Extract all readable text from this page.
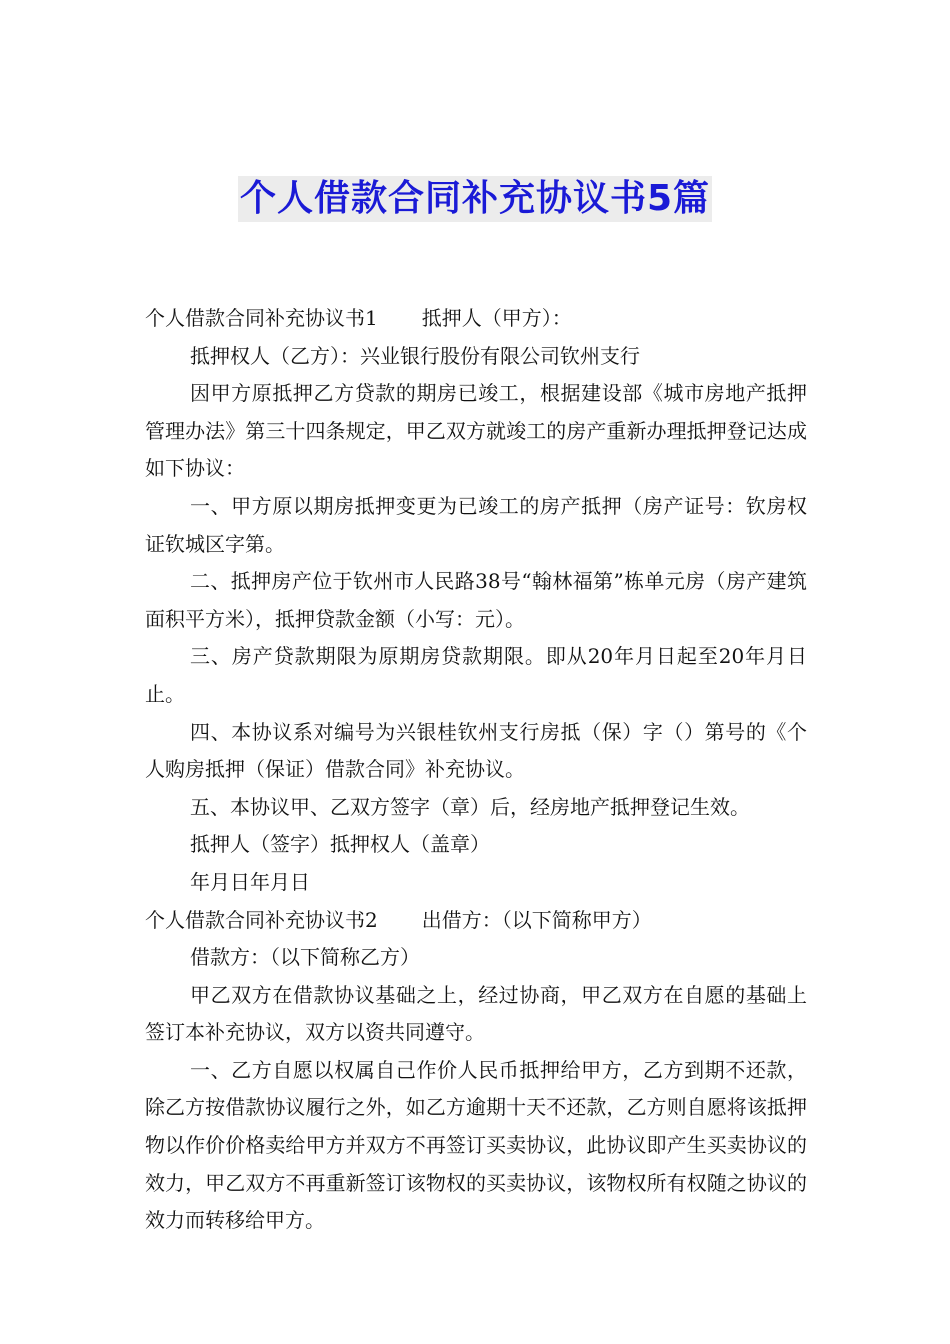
个人借款合同补充协议书5篇

个人借款合同补充协议书1 抵押人（甲方）：

抵押权人（乙方）：兴业银行股份有限公司钦州支行

因甲方原抵押乙方贷款的期房已竣工，根据建设部《城市房地产抵押管理办法》第三十四条规定，甲乙双方就竣工的房产重新办理抵押登记达成如下协议：

一、甲方原以期房抵押变更为已竣工的房产抵押（房产证号：钦房权证钦城区字第。

二、抵押房产位于钦州市人民路38号“翰林福第”栋单元房（房产建筑面积平方米），抵押贷款金额（小写：元）。

三、房产贷款期限为原期房贷款期限。即从20年月日起至20年月日止。

四、本协议系对编号为兴银桂钦州支行房抵（保）字（）第号的《个人购房抵押（保证）借款合同》补充协议。

五、本协议甲、乙双方签字（章）后，经房地产抵押登记生效。

抵押人（签字）抵押权人（盖章）

年月日年月日

个人借款合同补充协议书2 出借方：（以下简称甲方）

借款方：（以下简称乙方）

甲乙双方在借款协议基础之上，经过协商，甲乙双方在自愿的基础上签订本补充协议，双方以资共同遵守。

一、乙方自愿以权属自己作价人民币抵押给甲方，乙方到期不还款，除乙方按借款协议履行之外，如乙方逾期十天不还款，乙方则自愿将该抵押物以作价价格卖给甲方并双方不再签订买卖协议，此协议即产生买卖协议的效力，甲乙双方不再重新签订该物权的买卖协议，该物权所有权随之协议的效力而转移给甲方。
